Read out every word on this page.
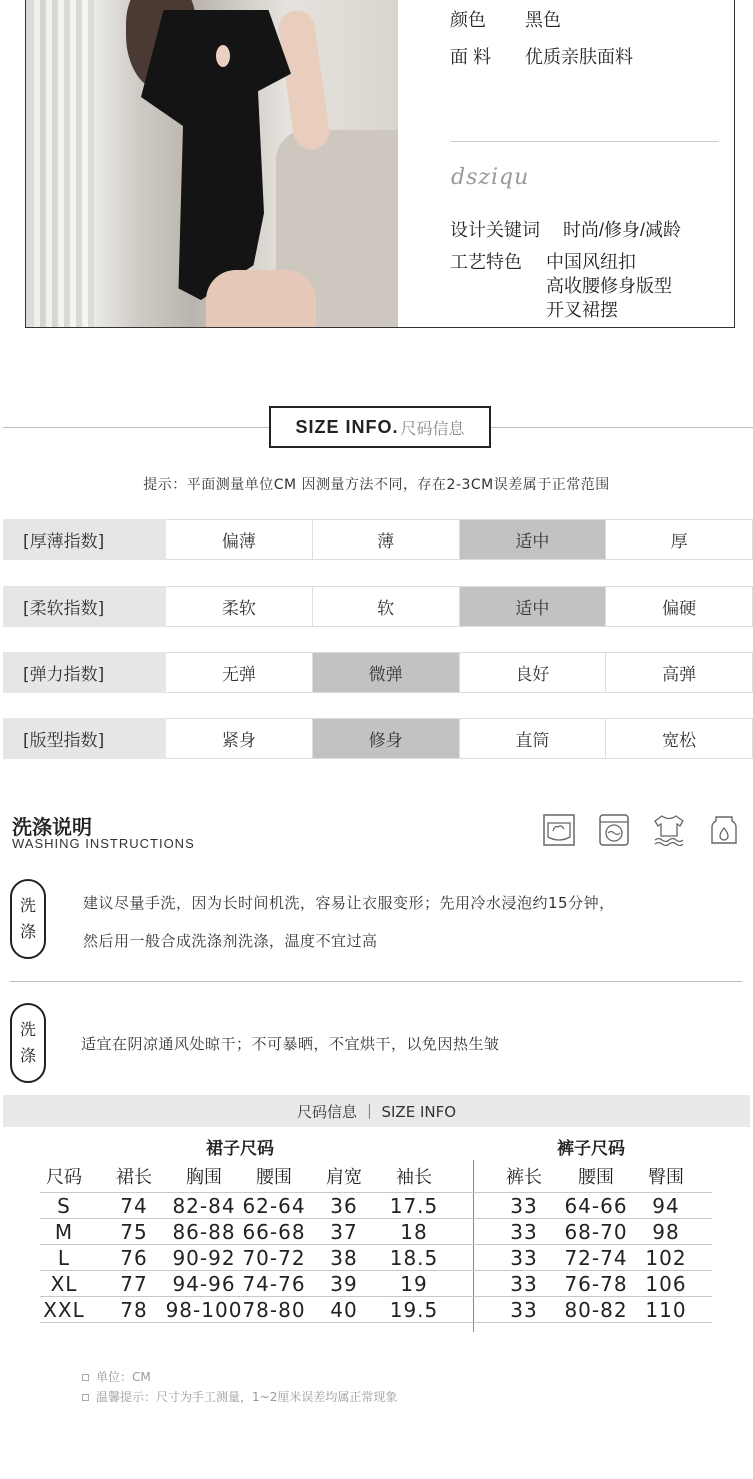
颜色 黑色
面 料 优质亲肤面料
dsziqu
设计关键词 时尚/修身/减龄
工艺特色 中国风纽扣
高收腰修身版型
开叉裙摆
SIZE INFO. 尺码信息
提示：平面测量单位CM 因测量方法不同，存在2-3CM误差属于正常范围
[厚薄指数]	偏薄	薄	适中	厚
[柔软指数]	柔软	软	适中	偏硬
[弹力指数]	无弹	微弹	良好	高弹
[版型指数]	紧身	修身	直筒	宽松
洗涤说明
WASHING INSTRUCTIONS
洗
涤
建议尽量手洗，因为长时间机洗，容易让衣服变形；先用冷水浸泡约15分钟，
然后用一般合成洗涤剂洗涤，温度不宜过高
洗
涤
适宜在阴凉通风处晾干；不可暴晒，不宜烘干，以免因热生皱
尺码信息 ｜ SIZE INFO
裙子尺码	裤子尺码
尺码	裙长	胸围	腰围	肩宽	袖长	裤长	腰围	臀围
S	74	82-84 62-64	36	17.5	33	64-66	94
M	75	86-88 66-68	37	18	33	68-70	98
L	76	90-92 70-72	38	18.5	33	72-74 102
XL	77	94-96 74-76	39	19	33	76-78 106
XXL	78 98-100 78-80	40	19.5	33	80-82 110
单位：CM
温馨提示：尺寸为手工测量，1~2厘米误差均属正常现象
